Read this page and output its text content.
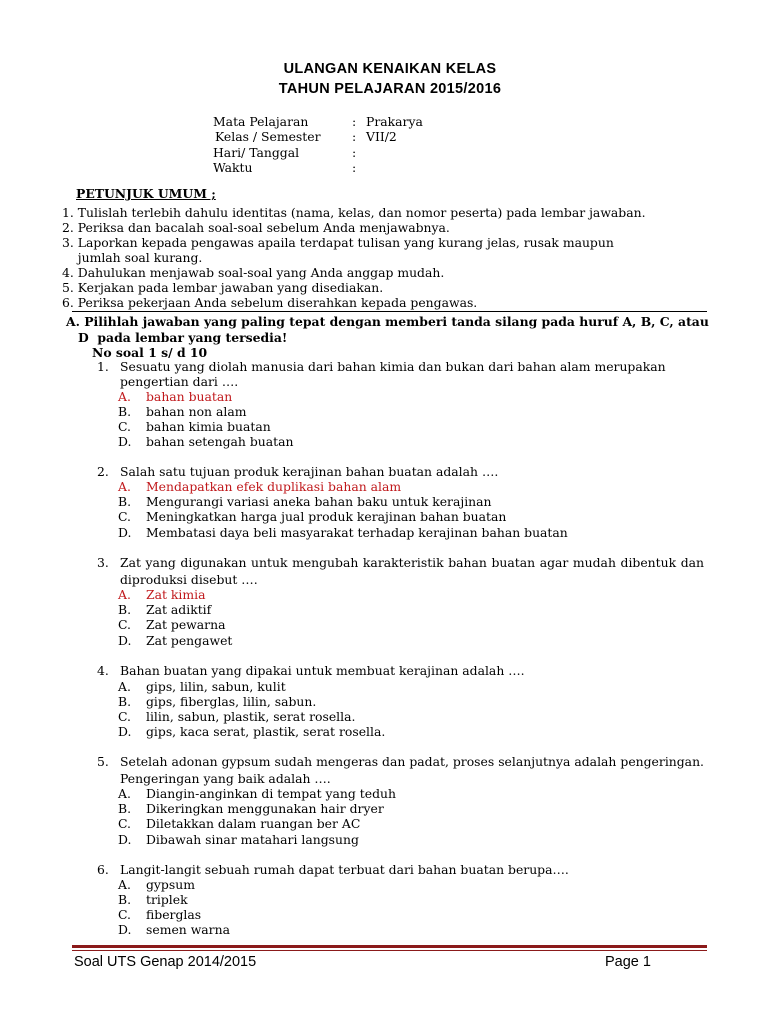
ULANGAN KENAIKAN KELAS
TAHUN PELAJARAN 2015/2016
Mata Pelajaran	: Prakarya
Kelas / Semester	: VII/2
Hari/ Tanggal	:
Waktu	:
PETUNJUK UMUM ;
1. Tulislah terlebih dahulu identitas (nama, kelas, dan nomor peserta) pada lembar jawaban.
2. Periksa dan bacalah soal-soal sebelum Anda menjawabnya.
3. Laporkan kepada pengawas apaila terdapat tulisan yang kurang jelas, rusak maupun
jumlah soal kurang.
4. Dahulukan menjawab soal-soal yang Anda anggap mudah.
5. Kerjakan pada lembar jawaban yang disediakan.
6. Periksa pekerjaan Anda sebelum diserahkan kepada pengawas.
A. Pilihlah jawaban yang paling tepat dengan memberi tanda silang pada huruf A, B, C, atau
D  pada lembar yang tersedia!
No soal 1 s/ d 10
1. Sesuatu yang diolah manusia dari bahan kimia dan bukan dari bahan alam merupakan
pengertian dari ….
A. bahan buatan
B. bahan non alam
C. bahan kimia buatan
D. bahan setengah buatan
2. Salah satu tujuan produk kerajinan bahan buatan adalah ….
A. Mendapatkan efek duplikasi bahan alam
B. Mengurangi variasi aneka bahan baku untuk kerajinan
C. Meningkatkan harga jual produk kerajinan bahan buatan
D. Membatasi daya beli masyarakat terhadap kerajinan bahan buatan
3. Zat yang digunakan untuk mengubah karakteristik bahan buatan agar mudah dibentuk dan
diproduksi disebut ….
A. Zat kimia
B. Zat adiktif
C. Zat pewarna
D. Zat pengawet
4. Bahan buatan yang dipakai untuk membuat kerajinan adalah ….
A. gips, lilin, sabun, kulit
B. gips, fiberglas, lilin, sabun.
C. lilin, sabun, plastik, serat rosella.
D. gips, kaca serat, plastik, serat rosella.
5. Setelah adonan gypsum sudah mengeras dan padat, proses selanjutnya adalah pengeringan.
Pengeringan yang baik adalah ….
A. Diangin-anginkan di tempat yang teduh
B. Dikeringkan menggunakan hair dryer
C. Diletakkan dalam ruangan ber AC
D. Dibawah sinar matahari langsung
6. Langit-langit sebuah rumah dapat terbuat dari bahan buatan berupa….
A. gypsum
B. triplek
C. fiberglas
D. semen warna
Soal UTS Genap 2014/2015	Page 1
